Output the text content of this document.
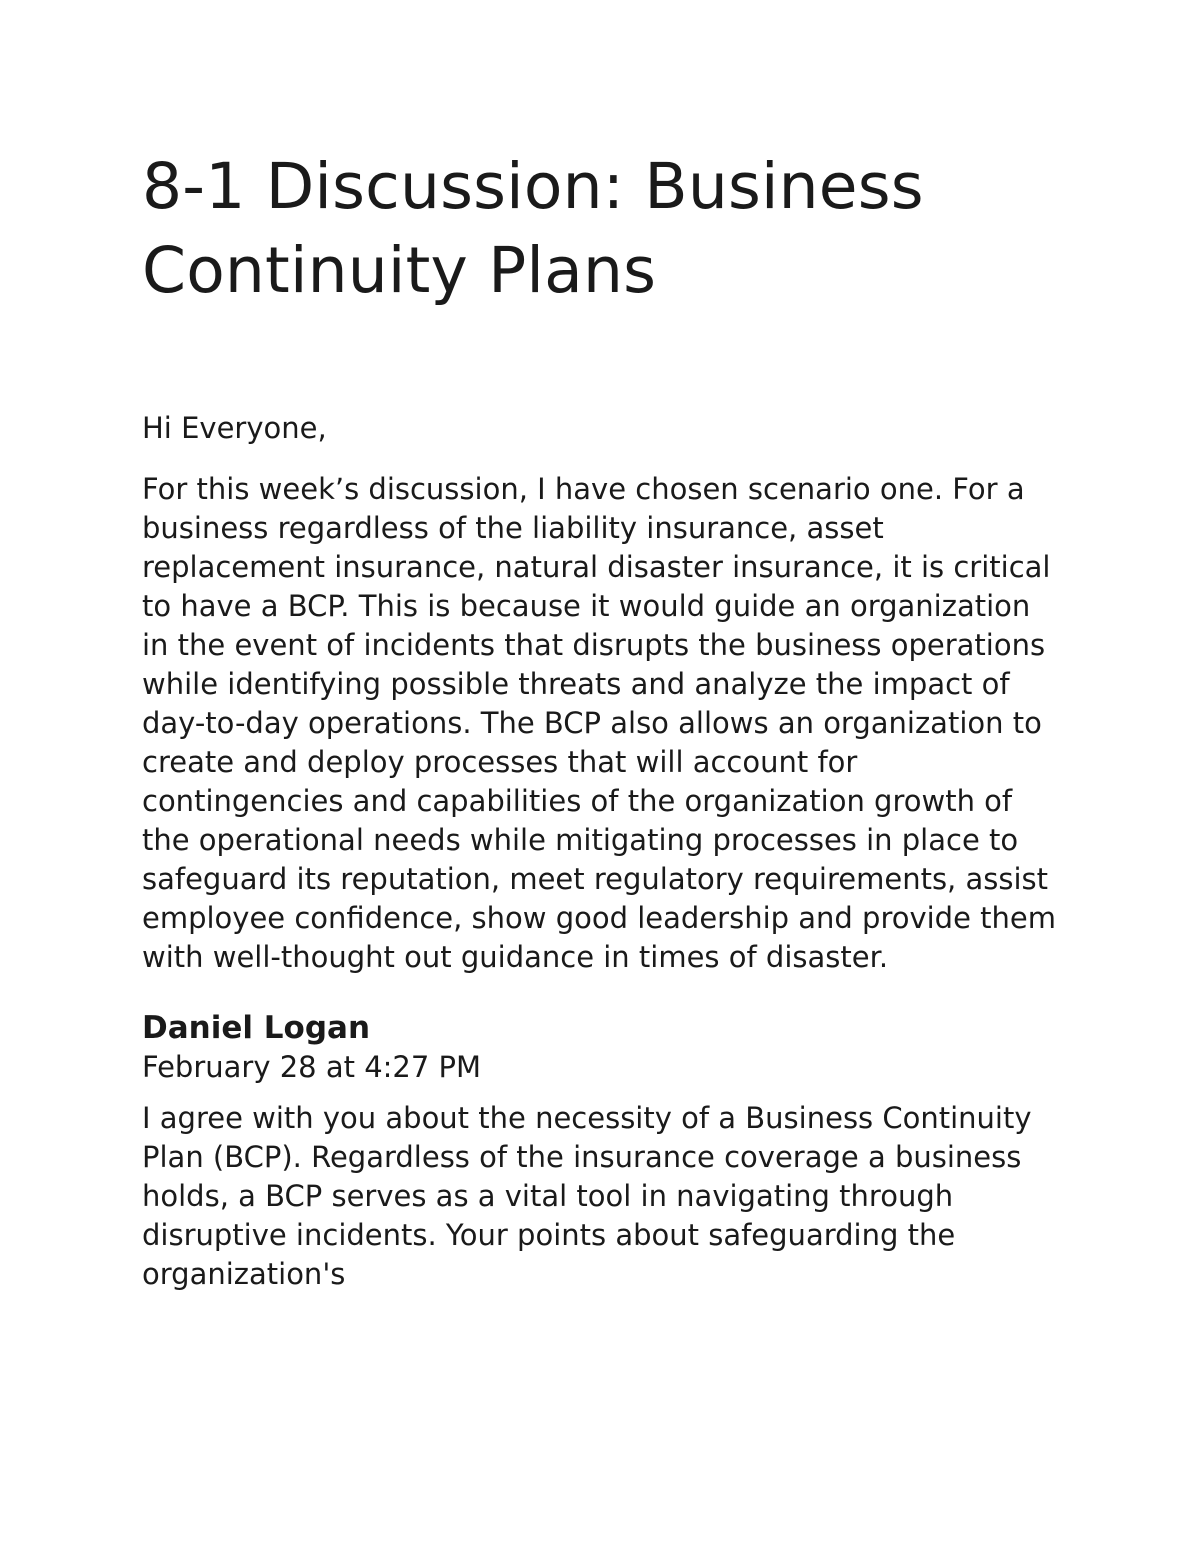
8-1 Discussion: Business Continuity Plans

Hi Everyone,

For this week’s discussion, I have chosen scenario one. For a business regardless of the liability insurance, asset replacement insurance, natural disaster insurance, it is critical to have a BCP. This is because it would guide an organization in the event of incidents that disrupts the business operations while identifying possible threats and analyze the impact of day-to-day operations. The BCP also allows an organization to create and deploy processes that will account for contingencies and capabilities of the organization growth of the operational needs while mitigating processes in place to safeguard its reputation, meet regulatory requirements, assist employee confidence, show good leadership and provide them with well-thought out guidance in times of disaster.

Daniel Logan

February 28 at 4:27 PM

I agree with you about the necessity of a Business Continuity Plan (BCP). Regardless of the insurance coverage a business holds, a BCP serves as a vital tool in navigating through disruptive incidents. Your points about safeguarding the organization's
